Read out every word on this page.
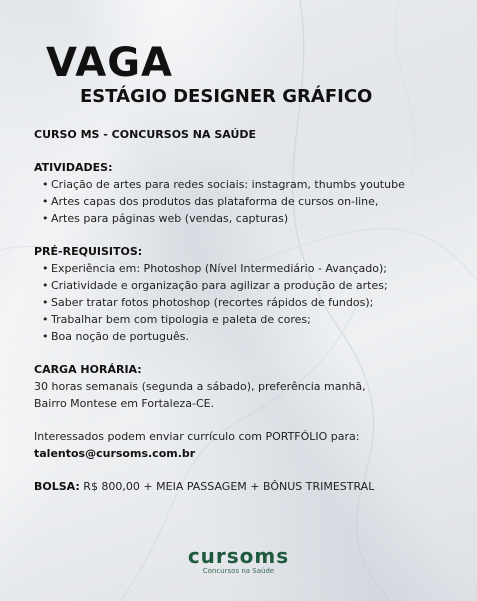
VAGA
ESTÁGIO DESIGNER GRÁFICO
CURSO MS - CONCURSOS NA SAÚDE
ATIVIDADES:
• Criação de artes para redes sociais: instagram, thumbs youtube
• Artes capas dos produtos das plataforma de cursos on-line,
• Artes para páginas web (vendas, capturas)
PRÉ-REQUISITOS:
• Experiência em: Photoshop (Nível Intermediário - Avançado);
• Criatividade e organização para agilizar a produção de artes;
• Saber tratar fotos photoshop (recortes rápidos de fundos);
• Trabalhar bem com tipologia e paleta de cores;
• Boa noção de português.
CARGA HORÁRIA:
30 horas semanais (segunda a sábado), preferência manhã,
Bairro Montese em Fortaleza-CE.
Interessados podem enviar currículo com PORTFÓLIO para:
talentos@cursoms.com.br
BOLSA: R$ 800,00 + MEIA PASSAGEM + BÔNUS TRIMESTRAL
cursoms
Concursos na Saúde
